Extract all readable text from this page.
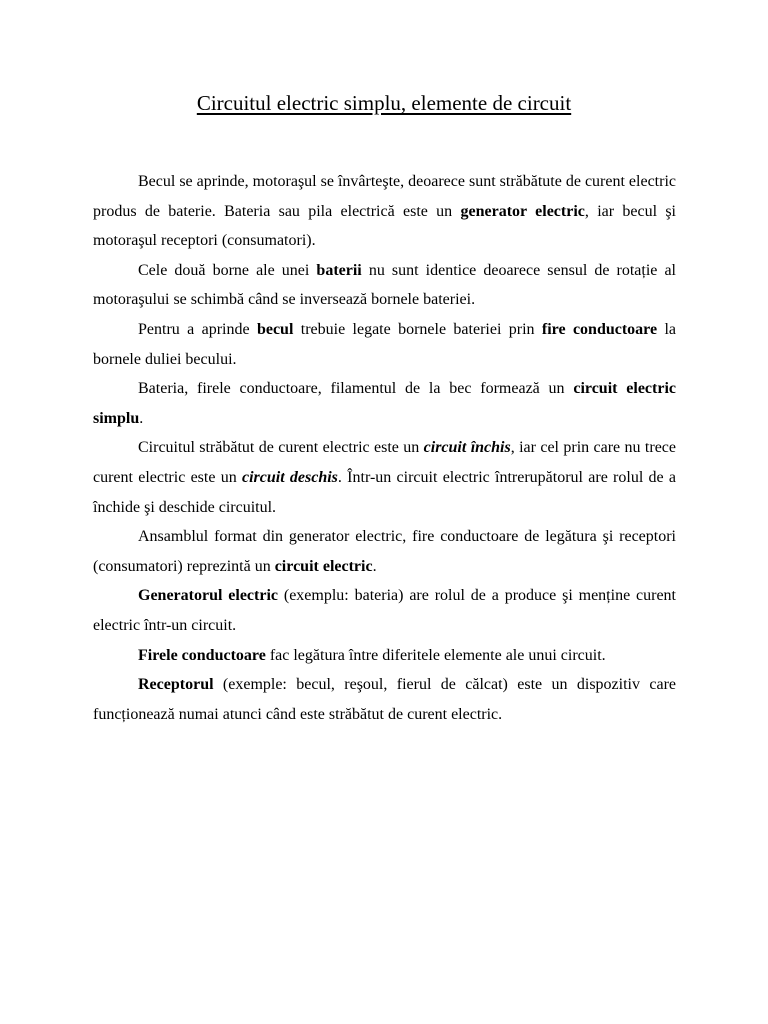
Circuitul electric simplu, elemente de circuit

Becul se aprinde, motoraşul se învârteşte, deoarece sunt străbătute de curent electric produs de baterie. Bateria sau pila electrică este un generator electric, iar becul şi motoraşul receptori (consumatori).

Cele două borne ale unei baterii nu sunt identice deoarece sensul de rotație al motoraşului se schimbă când se inversează bornele bateriei.

Pentru a aprinde becul trebuie legate bornele bateriei prin fire conductoare la bornele duliei becului.

Bateria, firele conductoare, filamentul de la bec formează un circuit electric simplu.

Circuitul străbătut de curent electric este un circuit închis, iar cel prin care nu trece curent electric este un circuit deschis. Într-un circuit electric întrerupătorul are rolul de a închide şi deschide circuitul.

Ansamblul format din generator electric, fire conductoare de legătura şi receptori (consumatori) reprezintă un circuit electric.

Generatorul electric (exemplu: bateria) are rolul de a produce şi menține curent electric într-un circuit.

Firele conductoare fac legătura între diferitele elemente ale unui circuit.

Receptorul (exemple: becul, reşoul, fierul de călcat) este un dispozitiv care funcționează numai atunci când este străbătut de curent electric.
